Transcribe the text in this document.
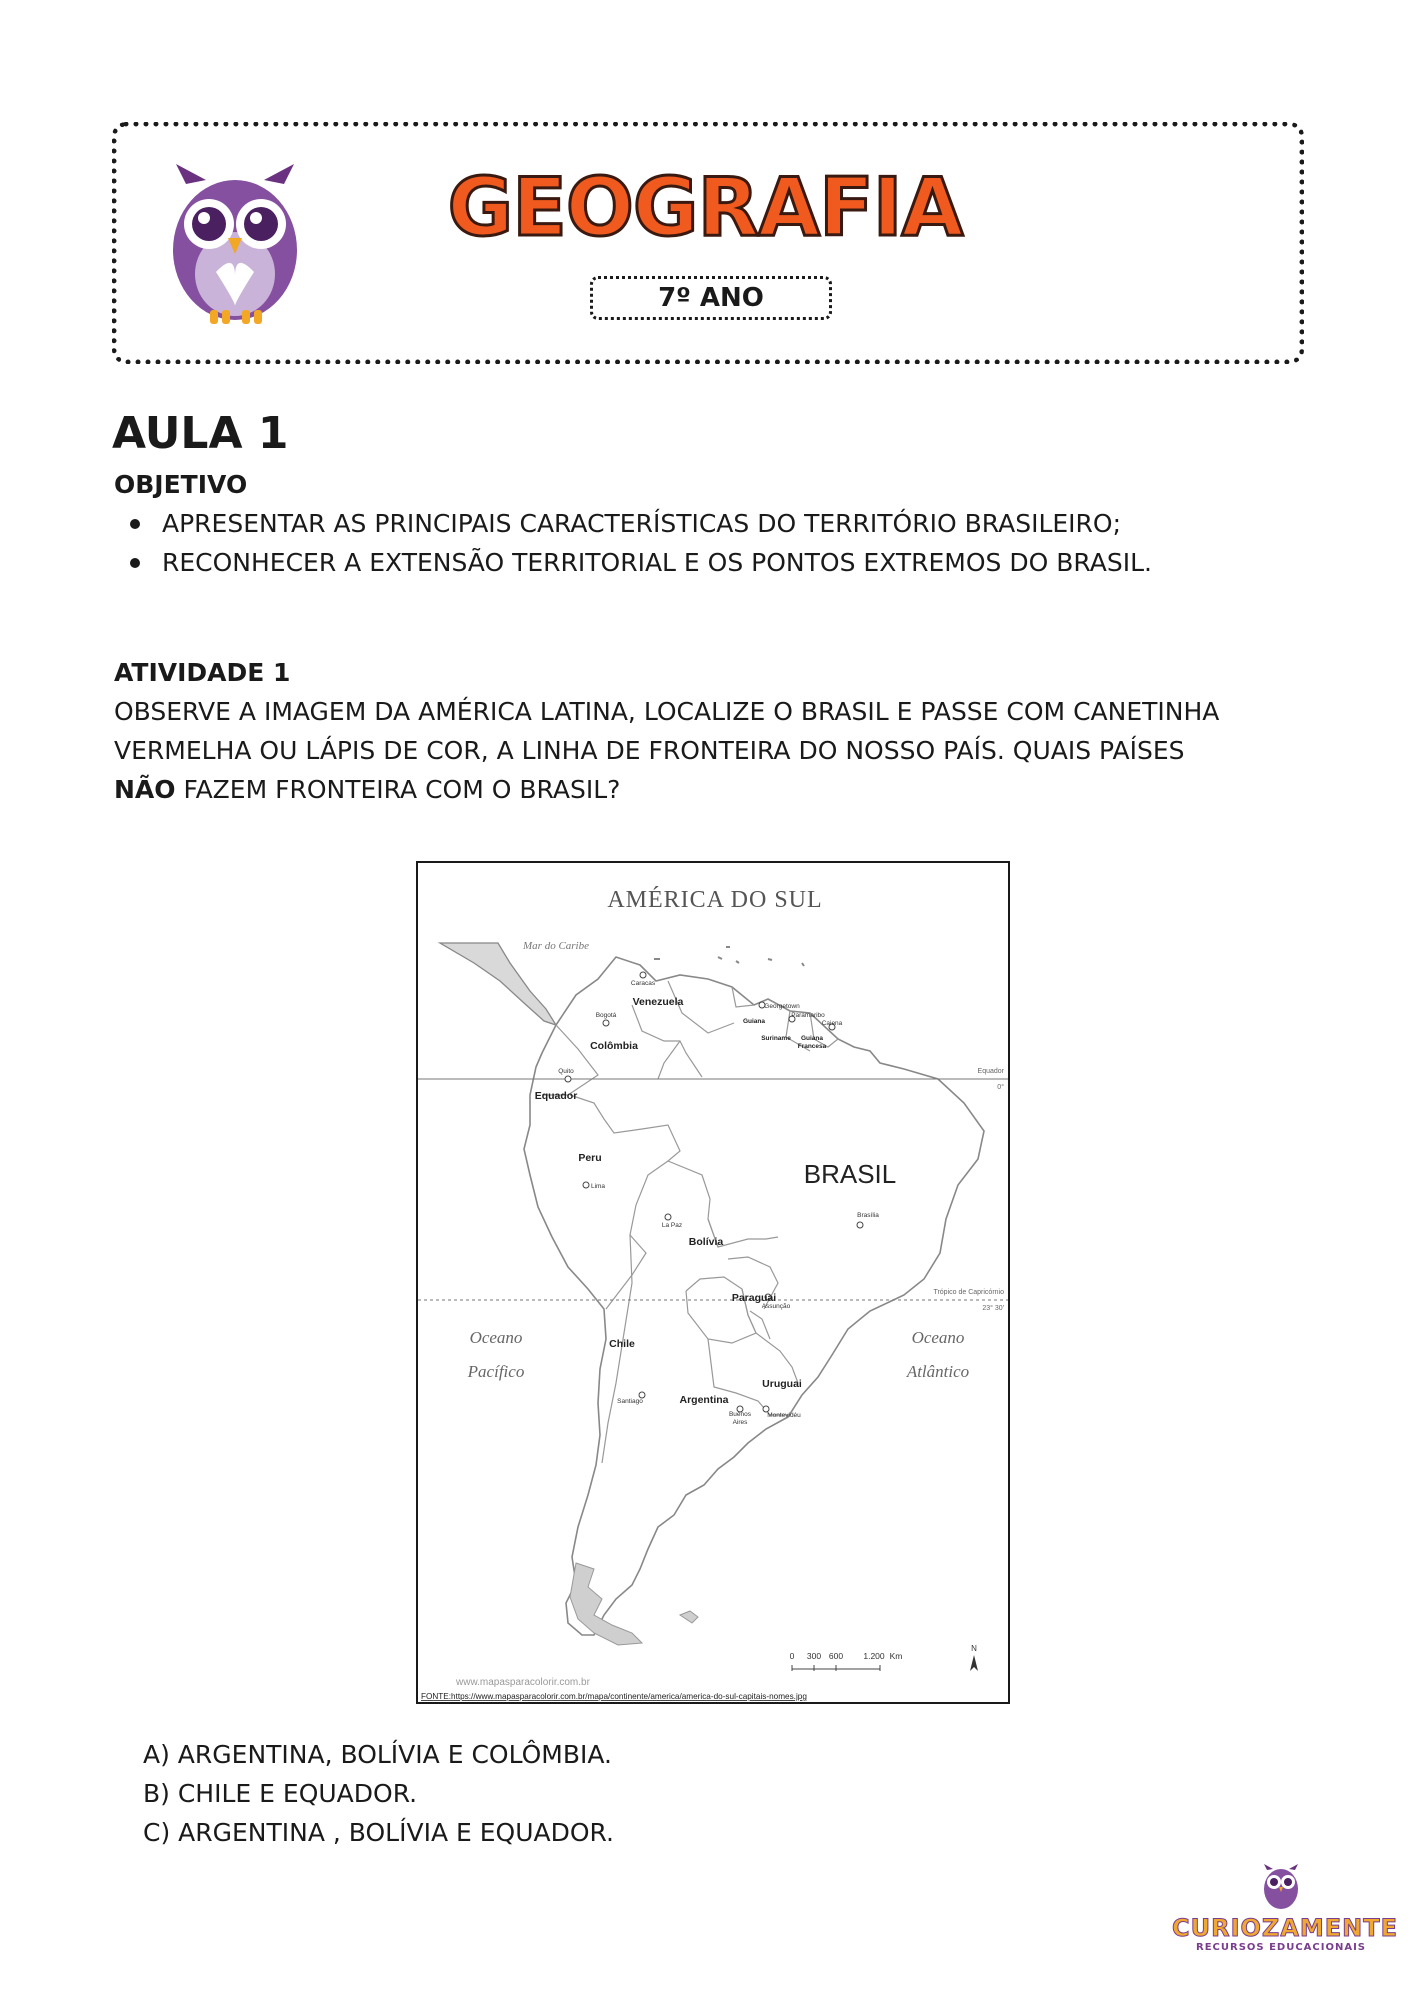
GEOGRAFIA
7º ANO
AULA 1
OBJETIVO
APRESENTAR AS PRINCIPAIS CARACTERÍSTICAS DO TERRITÓRIO BRASILEIRO;
RECONHECER A EXTENSÃO TERRITORIAL E OS PONTOS EXTREMOS DO BRASIL.
ATIVIDADE 1

OBSERVE A IMAGEM DA AMÉRICA LATINA, LOCALIZE O BRASIL E PASSE COM CANETINHA
VERMELHA OU LÁPIS DE COR, A LINHA DE FRONTEIRA DO NOSSO PAÍS. QUAIS PAÍSES
NÃO FAZEM FRONTEIRA COM O BRASIL?

AMÉRICA DO SUL
Mar do Caribe
Equador
0°
Trópico de Capricórnio
23° 30'
Venezuela
Colômbia
Equador
Peru
Bolívia
Paraguai
Chile
Argentina
Uruguai
Guiana
Suriname Guiana
Francesa
Caracas
Bogotá
Quito
Lima
La Paz
Brasília
Assunção
Santiago
Buenos
Aires
Montevidéu
Georgetown
Paramaribo
Caiena
BRASIL
Oceano
Pacífico
Oceano
Atlântico
0 300 600 1.200 Km
N
www.mapasparacolorir.com.br
FONTE:https://www.mapasparacolorir.com.br/mapa/continente/america/america-do-sul-capitais-nomes.jpg
A) ARGENTINA, BOLÍVIA E COLÔMBIA.
B) CHILE E EQUADOR.
C) ARGENTINA , BOLÍVIA E EQUADOR.
CURIOZAMENTE
RECURSOS EDUCACIONAIS
